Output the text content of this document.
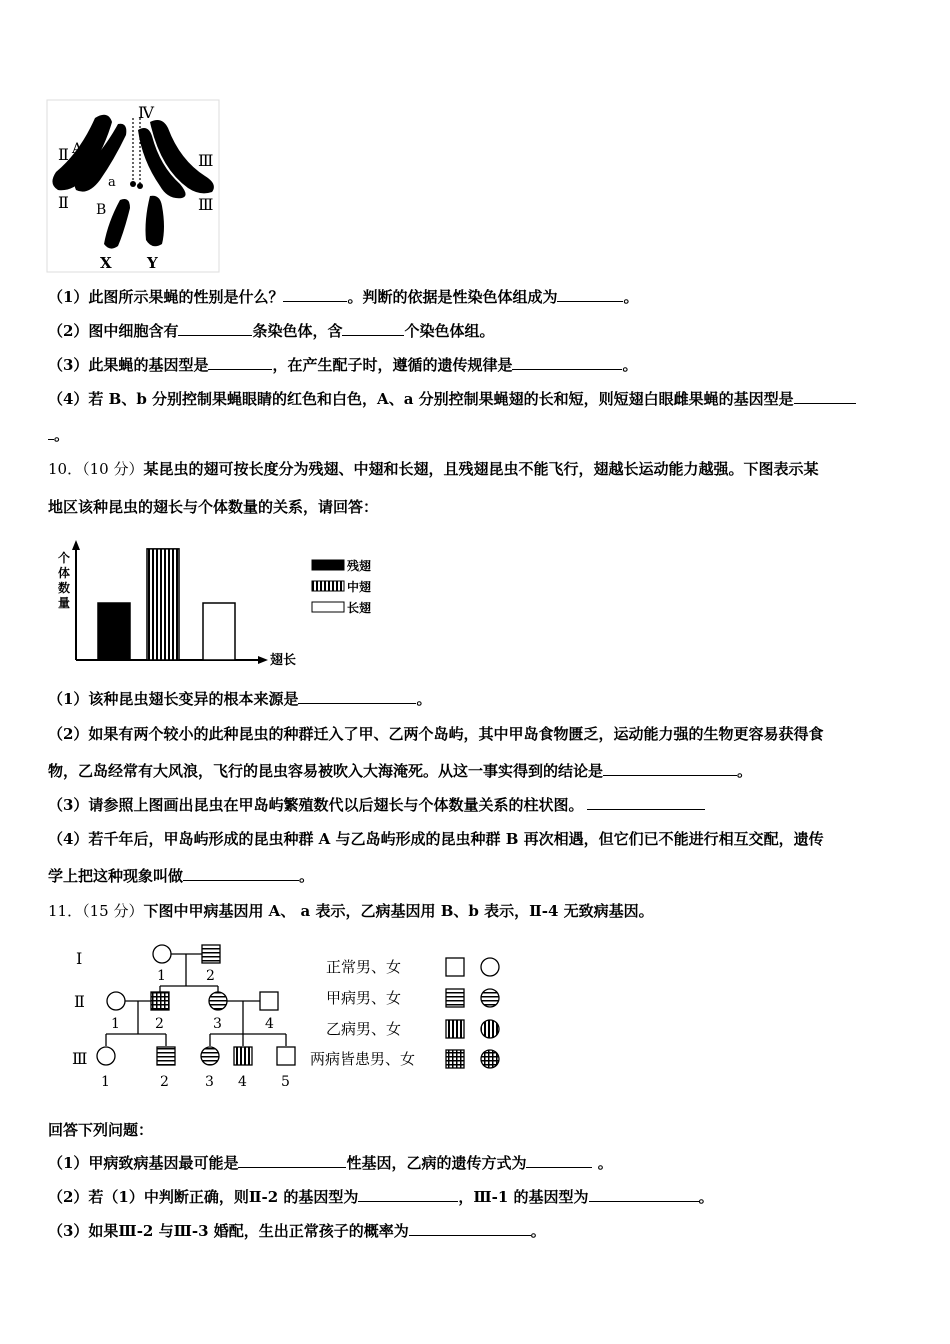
Ⅳ
Ⅱ A
Ⅲ
a
Ⅱ B	Ⅲ
X Y
个体数量
翅长
残翅
中翅
长翅
Ⅰ
Ⅱ
Ⅲ
1	2
1	2	3	4
1	2	3 4 5
正常男、女
甲病男、女
乙病男、女
两病皆患男、女
（1）此图所示果蝇的性别是什么？	。判断的依据是性染色体组成为	。
（2）图中细胞含有	条染色体，含	个染色体组。
（3）此果蝇的基因型是	，在产生配子时，遵循的遗传规律是	。
（4）若 B、b 分别控制果蝇眼睛的红色和白色，A、a 分别控制果蝇翅的长和短，则短翅白眼雌果蝇的基因型是
。
10．（10 分）某昆虫的翅可按长度分为残翅、中翅和长翅，且残翅昆虫不能飞行，翅越长运动能力越强。下图表示某
地区该种昆虫的翅长与个体数量的关系，请回答：
（1）该种昆虫翅长变异的根本来源是	。
（2）如果有两个较小的此种昆虫的种群迁入了甲、乙两个岛屿，其中甲岛食物匮乏，运动能力强的生物更容易获得食
物，乙岛经常有大风浪，飞行的昆虫容易被吹入大海淹死。从这一事实得到的结论是	。
（3）请参照上图画出昆虫在甲岛屿繁殖数代以后翅长与个体数量关系的柱状图。
（4）若千年后，甲岛屿形成的昆虫种群 A 与乙岛屿形成的昆虫种群 B 再次相遇，但它们已不能进行相互交配，遗传
学上把这种现象叫做	。
11．（15 分）下图中甲病基因用 A、 a 表示，乙病基因用 B、b 表示，Ⅱ-4 无致病基因。
回答下列问题：
（1）甲病致病基因最可能是	性基因，乙病的遗传方式为	。
（2）若（1）中判断正确，则Ⅱ-2 的基因型为	，Ⅲ-1 的基因型为	。
（3）如果Ⅲ-2 与Ⅲ-3 婚配，生出正常孩子的概率为	。
